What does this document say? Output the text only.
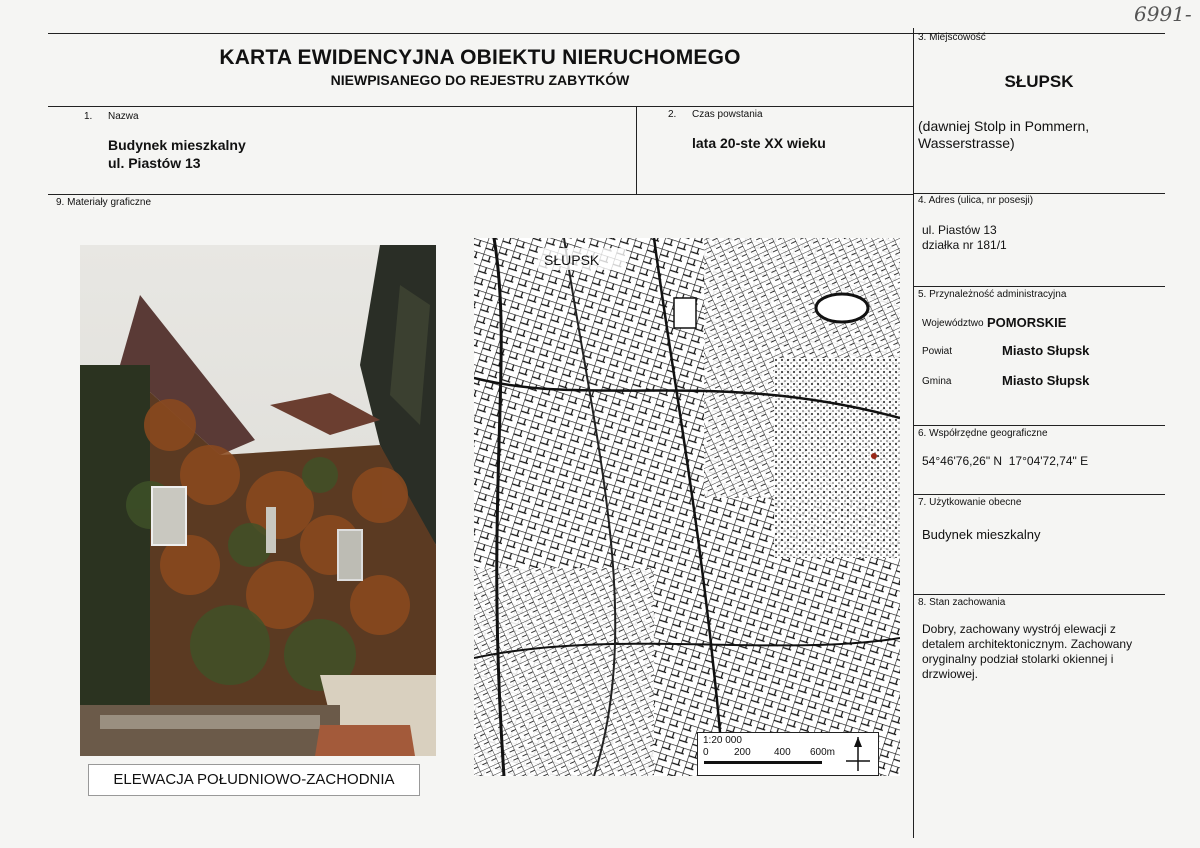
6991-
KARTA EWIDENCYJNA OBIEKTU NIERUCHOMEGO
NIEWPISANEGO DO REJESTRU ZABYTKÓW
1. Nazwa
Budynek mieszkalny
ul. Piastów 13
2. Czas powstania
lata 20-ste XX wieku
3. Miejscowość
SŁUPSK
(dawniej Stolp in Pommern, Wasserstrasse)
4. Adres (ulica, nr posesji)
ul. Piastów 13
działka nr 181/1
5. Przynależność administracyjna
Województwo POMORSKIE
Powiat	Miasto Słupsk
Gmina	Miasto Słupsk
6. Współrzędne geograficzne
54°46'76,26" N  17°04'72,74" E
7. Użytkowanie obecne
Budynek mieszkalny
8. Stan zachowania
Dobry, zachowany wystrój elewacji z detalem architektonicznym. Zachowany oryginalny podział stolarki okiennej i drzwiowej.
9. Materiały graficzne
ELEWACJA POŁUDNIOWO-ZACHODNIA
SŁUPSK
1:20 000
0	200 400 600m
